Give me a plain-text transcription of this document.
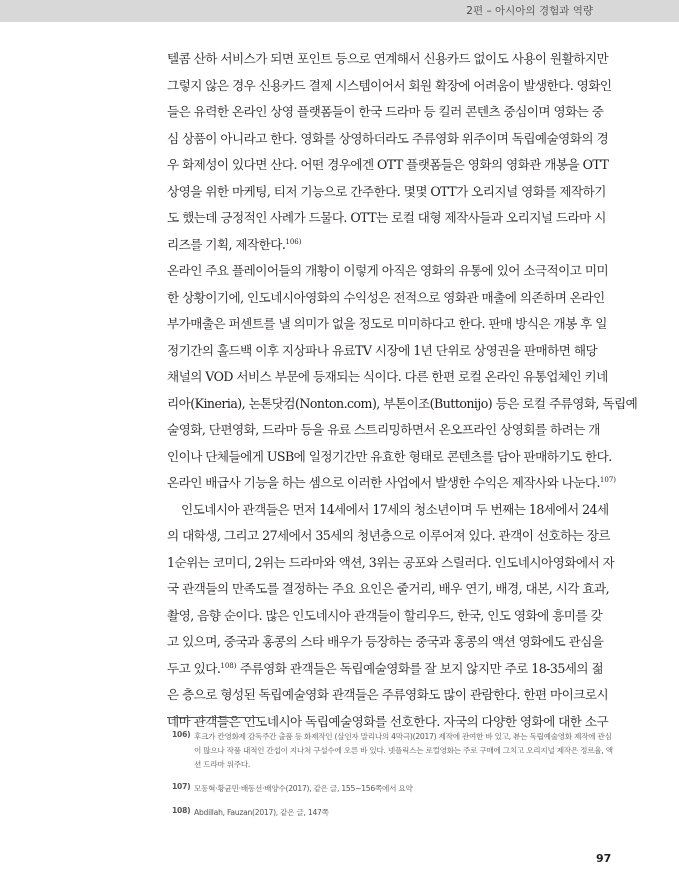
2편 – 아시아의 경험과 역량
텔콤 산하 서비스가 되면 포인트 등으로 연계해서 신용카드 없이도 사용이 원활하지만
그렇지 않은 경우 신용카드 결제 시스템이어서 회원 확장에 어려움이 발생한다. 영화인
들은 유력한 온라인 상영 플랫폼들이 한국 드라마 등 킬러 콘텐츠 중심이며 영화는 중
심 상품이 아니라고 한다. 영화를 상영하더라도 주류영화 위주이며 독립예술영화의 경
우 화제성이 있다면 산다. 어떤 경우에겐 OTT 플랫폼들은 영화의 영화관 개봉을 OTT
상영을 위한 마케팅, 티저 기능으로 간주한다. 몇몇 OTT가 오리지널 영화를 제작하기
도 했는데 긍정적인 사례가 드물다. OTT는 로컬 대형 제작사들과 오리지널 드라마 시
리즈를 기획, 제작한다.$^{106)}$
온라인 주요 플레이어들의 개황이 이렇게 아직은 영화의 유통에 있어 소극적이고 미미
한 상황이기에, 인도네시아영화의 수익성은 전적으로 영화관 매출에 의존하며 온라인
부가매출은 퍼센트를 낼 의미가 없을 정도로 미미하다고 한다. 판매 방식은 개봉 후 일
정기간의 홀드백 이후 지상파나 유료TV 시장에 1년 단위로 상영권을 판매하면 해당
채널의 VOD 서비스 부문에 등재되는 식이다. 다른 한편 로컬 온라인 유통업체인 키네
리아(Kineria), 논톤닷컴(Nonton.com), 부톤이조(Buttonijo) 등은 로컬 주류영화, 독립예
술영화, 단편영화, 드라마 등을 유료 스트리밍하면서 온오프라인 상영회를 하려는 개
인이나 단체들에게 USB에 일정기간만 유효한 형태로 콘텐츠를 담아 판매하기도 한다.
온라인 배급사 기능을 하는 셈으로 이러한 사업에서 발생한 수익은 제작사와 나눈다.$^{107)}$
인도네시아 관객들은 먼저 14세에서 17세의 청소년이며 두 번째는 18세에서 24세
의 대학생, 그리고 27세에서 35세의 청년층으로 이루어져 있다. 관객이 선호하는 장르
1순위는 코미디, 2위는 드라마와 액션, 3위는 공포와 스릴러다. 인도네시아영화에서 자
국 관객들의 만족도를 결정하는 주요 요인은 줄거리, 배우 연기, 배경, 대본, 시각 효과,
촬영, 음향 순이다. 많은 인도네시아 관객들이 할리우드, 한국, 인도 영화에 흥미를 갖
고 있으며, 중국과 홍콩의 스타 배우가 등장하는 중국과 홍콩의 액션 영화에도 관심을
두고 있다.$^{108)}$ 주류영화 관객들은 독립예술영화를 잘 보지 않지만 주로 18-35세의 젊
은 층으로 형성된 독립예술영화 관객들은 주류영화도 많이 관람한다. 한편 마이크로시
네마 관객들은 인도네시아 독립예술영화를 선호한다. 자국의 다양한 영화에 대한 소구
106) 후크가 칸영화제 감독주간 출품 등 화제작인 (살인자 말리나의 4막극)(2017) 제작에 관여한 바 있고, 뷰는 독립예술영화 제작에 관심
이 많으나 작품 내적인 간섭이 지나쳐 구설수에 오른 바 있다. 넷플릭스는 로컬영화는 주로 구매에 그치고 오리지널 제작은 정르율, 액
션 드라마 위주다.
107) 모동혁·황균민·배동선·배양수(2017), 같은 글, 155~156쪽에서 요약
108) Abdillah, Fauzan(2017), 같은 글, 147쪽
97
